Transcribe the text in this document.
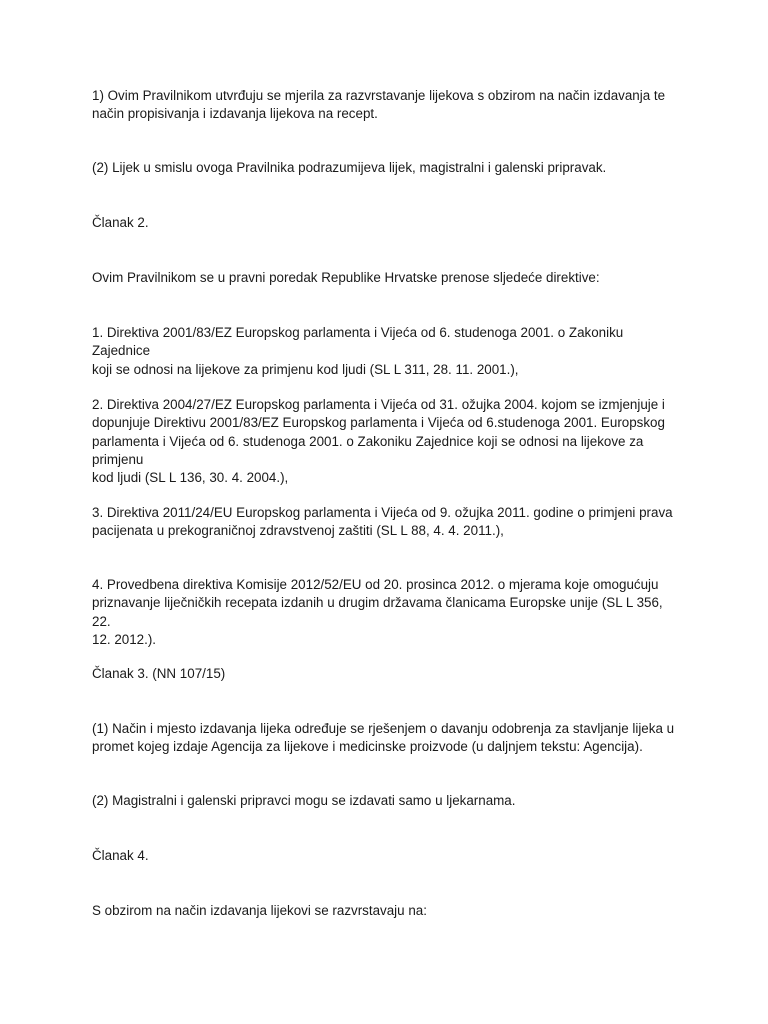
1) Ovim Pravilnikom utvrđuju se mjerila za razvrstavanje lijekova s obzirom na način izdavanja te
način propisivanja i izdavanja lijekova na recept.

(2) Lijek u smislu ovoga Pravilnika podrazumijeva lijek, magistralni i galenski pripravak.

Članak 2.

Ovim Pravilnikom se u pravni poredak Republike Hrvatske prenose sljedeće direktive:

1. Direktiva 2001/83/EZ Europskog parlamenta i Vijeća od 6. studenoga 2001. o Zakoniku Zajednice
koji se odnosi na lijekove za primjenu kod ljudi (SL L 311, 28. 11. 2001.),

2. Direktiva 2004/27/EZ Europskog parlamenta i Vijeća od 31. ožujka 2004. kojom se izmjenjuje i
dopunjuje Direktivu 2001/83/EZ Europskog parlamenta i Vijeća od 6.studenoga 2001. Europskog
parlamenta i Vijeća od 6. studenoga 2001. o Zakoniku Zajednice koji se odnosi na lijekove za primjenu
kod ljudi (SL L 136, 30. 4. 2004.),

3. Direktiva 2011/24/EU Europskog parlamenta i Vijeća od 9. ožujka 2011. godine o primjeni prava
pacijenata u prekograničnoj zdravstvenoj zaštiti (SL L 88, 4. 4. 2011.),

4. Provedbena direktiva Komisije 2012/52/EU od 20. prosinca 2012. o mjerama koje omogućuju
priznavanje liječničkih recepata izdanih u drugim državama članicama Europske unije (SL L 356, 22.
12. 2012.).

Članak 3. (NN 107/15)

(1) Način i mjesto izdavanja lijeka određuje se rješenjem o davanju odobrenja za stavljanje lijeka u
promet kojeg izdaje Agencija za lijekove i medicinske proizvode (u daljnjem tekstu: Agencija).

(2) Magistralni i galenski pripravci mogu se izdavati samo u ljekarnama.

Članak 4.

S obzirom na način izdavanja lijekovi se razvrstavaju na:
